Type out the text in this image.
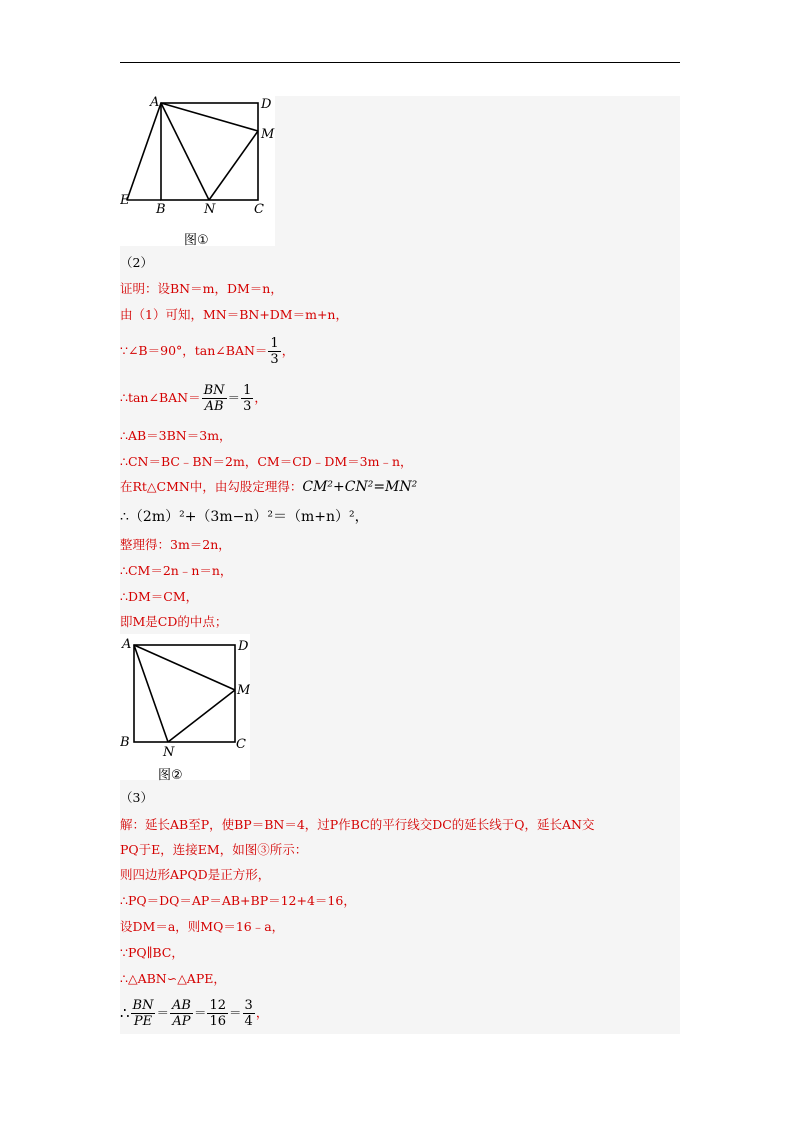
A	D
M
E
B	N	C
图①
（2）
证明：设BN＝m，DM＝n，
由（1）可知，MN＝BN+DM＝m+n，
∵∠B＝90°，tan∠BAN＝ $\frac{1}{3}$ ，
∴tan∠BAN＝ $\frac{BN}{AB} = \frac{1}{3}$ ，
∴AB＝3BN＝3m，
∴CN＝BC﹣BN＝2m，CM＝CD﹣DM＝3m﹣n，
在Rt△CMN中，由勾股定理得：CM²+CN²=MN²
∴（2m）²+（3m−n）²＝（m+n）²，
整理得：3m＝2n，
∴CM＝2n﹣n＝n，
∴DM＝CM，
即M是CD的中点；
A	D
M
B
N
C
图②
（3）
解：延长AB至P，使BP＝BN＝4，过P作BC的平行线交DC的延长线于Q，延长AN交
PQ于E，连接EM，如图③所示：
则四边形APQD是正方形，
∴PQ＝DQ＝AP＝AB+BP＝12+4＝16，
设DM＝a，则MQ＝16﹣a，
∵PQ∥BC，
∴△ABN∽△APE，
∴ $\frac{BN}{PE} = \frac{AB}{AP} = \frac{12}{16} = \frac{3}{4}$ ，
